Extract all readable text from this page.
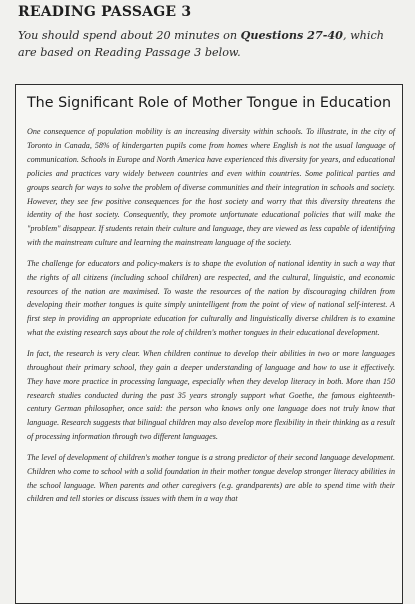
READING PASSAGE 3
You should spend about 20 minutes on Questions 27-40, which are based on Reading Passage 3 below.
The Significant Role of Mother Tongue in Education

One consequence of population mobility is an increasing diversity within schools. To illustrate, in the city of Toronto in Canada, 58% of kindergarten pupils come from homes where English is not the usual language of communication. Schools in Europe and North America have experienced this diversity for years, and educational policies and practices vary widely between countries and even within countries. Some political parties and groups search for ways to solve the problem of diverse communities and their integration in schools and society. However, they see few positive consequences for the host society and worry that this diversity threatens the identity of the host society. Consequently, they promote unfortunate educational policies that will make the "problem" disappear. If students retain their culture and language, they are viewed as less capable of identifying with the mainstream culture and learning the mainstream language of the society.

The challenge for educators and policy-makers is to shape the evolution of national identity in such a way that the rights of all citizens (including school children) are respected, and the cultural, linguistic, and economic resources of the nation are maximised. To waste the resources of the nation by discouraging children from developing their mother tongues is quite simply unintelligent from the point of view of national self-interest. A first step in providing an appropriate education for culturally and linguistically diverse children is to examine what the existing research says about the role of children's mother tongues in their educational development.

In fact, the research is very clear. When children continue to develop their abilities in two or more languages throughout their primary school, they gain a deeper understanding of language and how to use it effectively. They have more practice in processing language, especially when they develop literacy in both. More than 150 research studies conducted during the past 35 years strongly support what Goethe, the famous eighteenth-century German philosopher, once said: the person who knows only one language does not truly know that language. Research suggests that bilingual children may also develop more flexibility in their thinking as a result of processing information through two different languages.

The level of development of children's mother tongue is a strong predictor of their second language development. Children who come to school with a solid foundation in their mother tongue develop stronger literacy abilities in the school language. When parents and other caregivers (e.g. grandparents) are able to spend time with their children and tell stories or discuss issues with them in a way that
